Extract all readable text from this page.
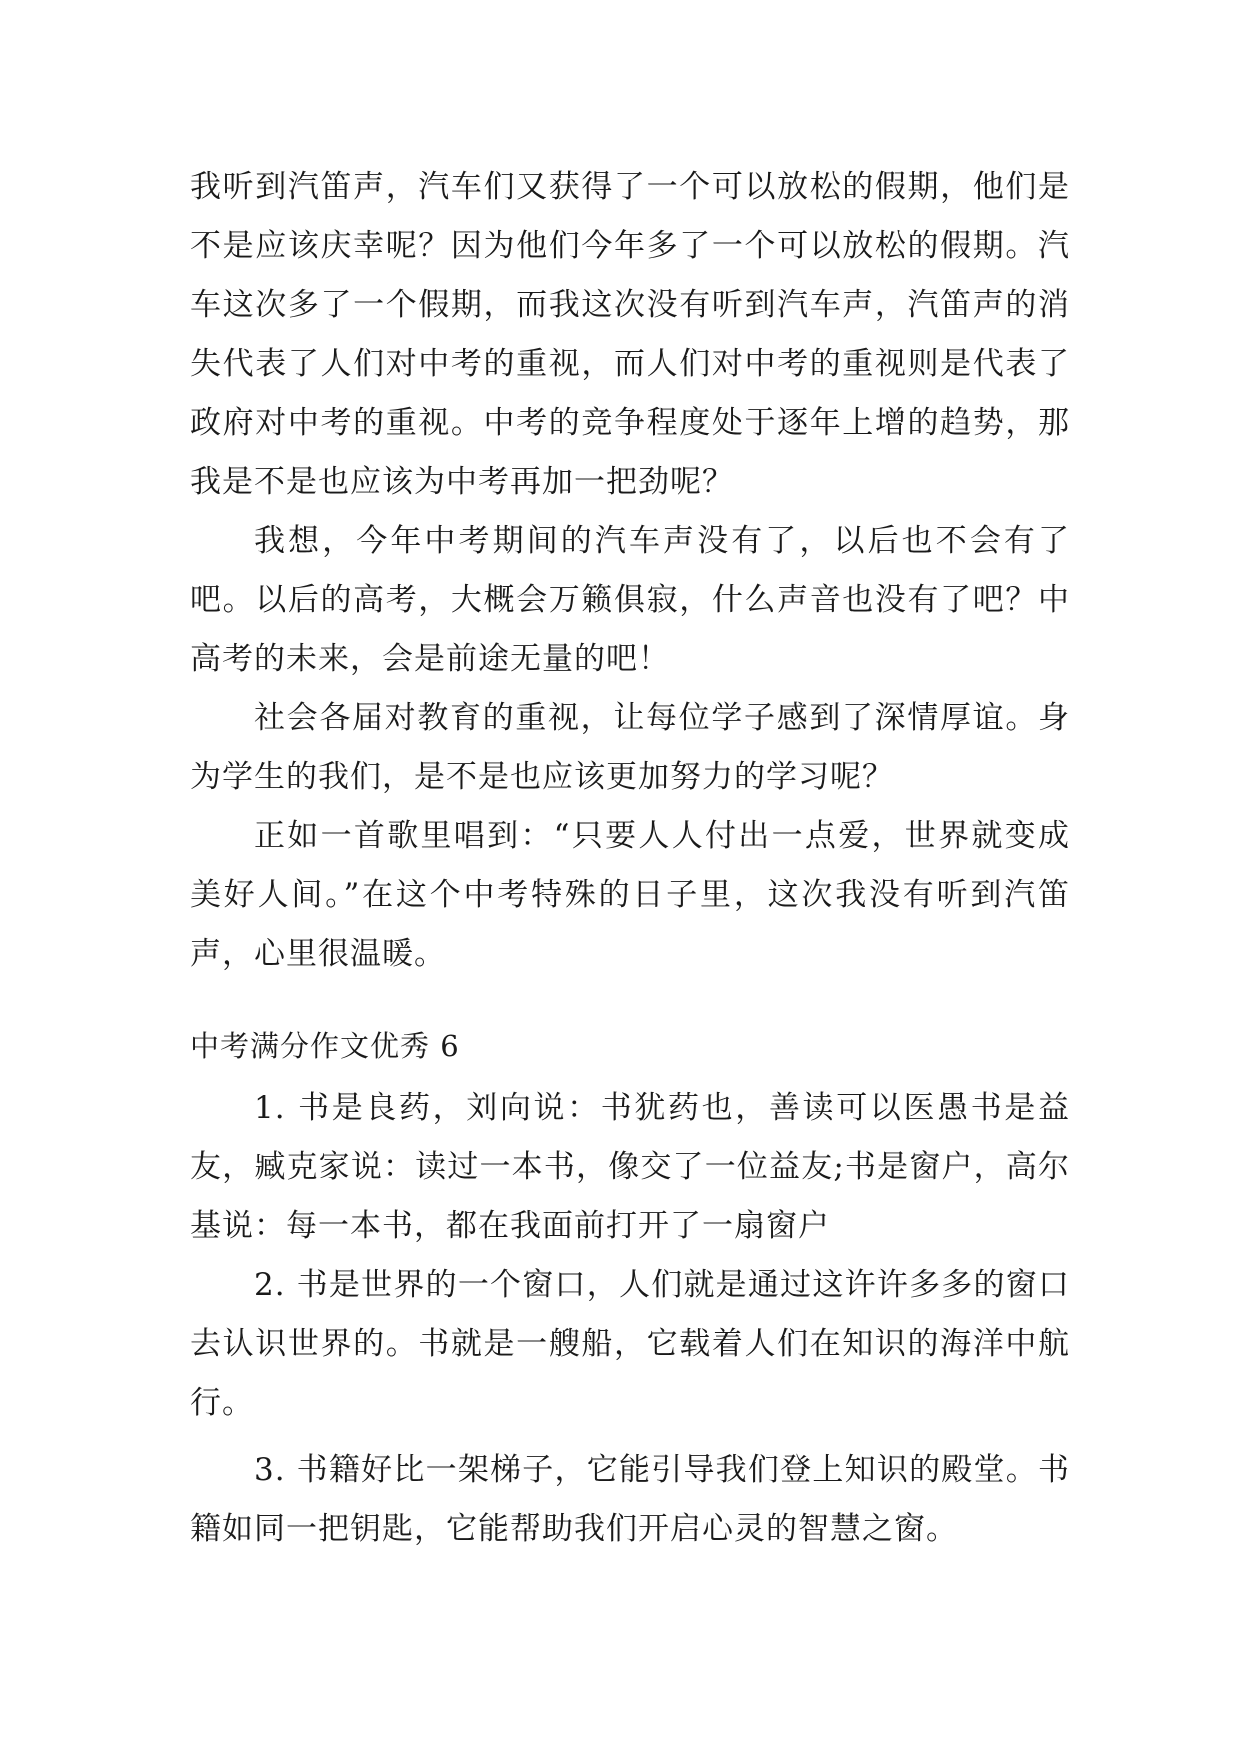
我听到汽笛声，汽车们又获得了一个可以放松的假期，他们是不是应该庆幸呢？因为他们今年多了一个可以放松的假期。汽车这次多了一个假期，而我这次没有听到汽车声，汽笛声的消失代表了人们对中考的重视，而人们对中考的重视则是代表了政府对中考的重视。中考的竞争程度处于逐年上增的趋势，那我是不是也应该为中考再加一把劲呢？

我想，今年中考期间的汽车声没有了，以后也不会有了吧。以后的高考，大概会万籁俱寂，什么声音也没有了吧？中高考的未来，会是前途无量的吧！

社会各届对教育的重视，让每位学子感到了深情厚谊。身为学生的我们，是不是也应该更加努力的学习呢？

正如一首歌里唱到：“只要人人付出一点爱，世界就变成美好人间。”在这个中考特殊的日子里，这次我没有听到汽笛声，心里很温暖。

中考满分作文优秀 6

1. 书是良药，刘向说：书犹药也，善读可以医愚书是益友，臧克家说：读过一本书，像交了一位益友;书是窗户，高尔基说：每一本书，都在我面前打开了一扇窗户

2. 书是世界的一个窗口，人们就是通过这许许多多的窗口去认识世界的。书就是一艘船，它载着人们在知识的海洋中航行。

3. 书籍好比一架梯子，它能引导我们登上知识的殿堂。书籍如同一把钥匙，它能帮助我们开启心灵的智慧之窗。
